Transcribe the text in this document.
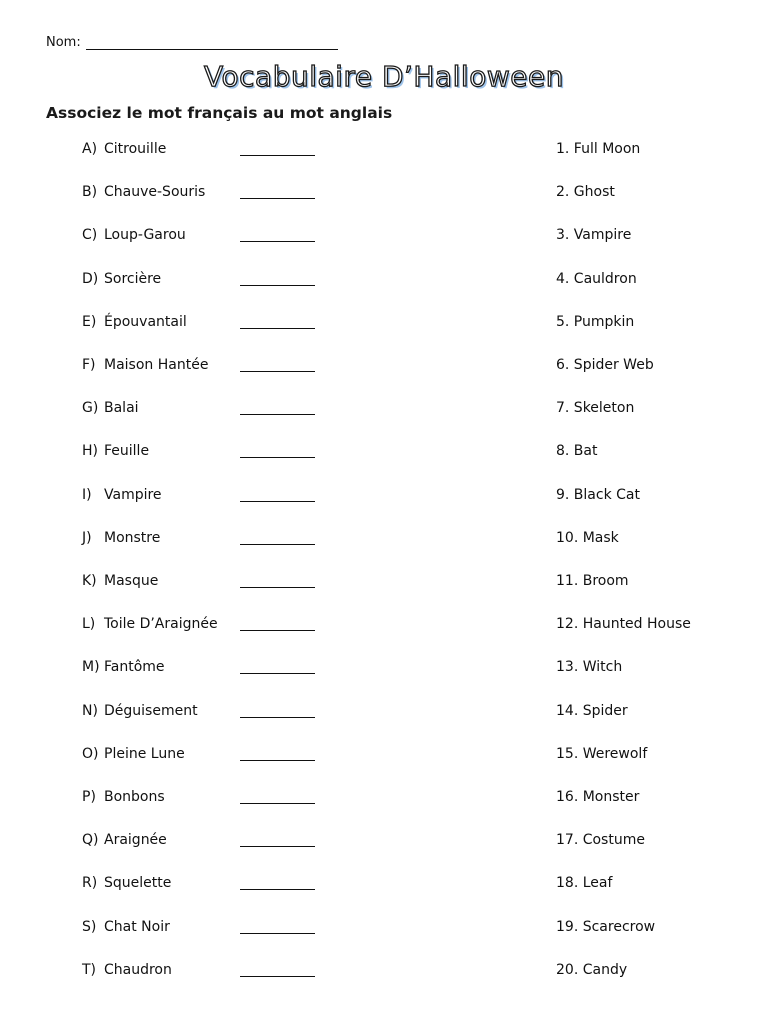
Nom:
Vocabulaire D’Halloween
Associez le mot français au mot anglais
A) Citrouille
B) Chauve-Souris
C) Loup-Garou
D) Sorcière
E) Épouvantail
F) Maison Hantée
G) Balai
H) Feuille
I) Vampire
J) Monstre
K) Masque
L) Toile D’Araignée
M) Fantôme
N) Déguisement
O) Pleine Lune
P) Bonbons
Q) Araignée
R) Squelette
S) Chat Noir
T) Chaudron
1. Full Moon
2. Ghost
3. Vampire
4. Cauldron
5. Pumpkin
6. Spider Web
7. Skeleton
8. Bat
9. Black Cat
10. Mask
11. Broom
12. Haunted House
13. Witch
14. Spider
15. Werewolf
16. Monster
17. Costume
18. Leaf
19. Scarecrow
20. Candy
